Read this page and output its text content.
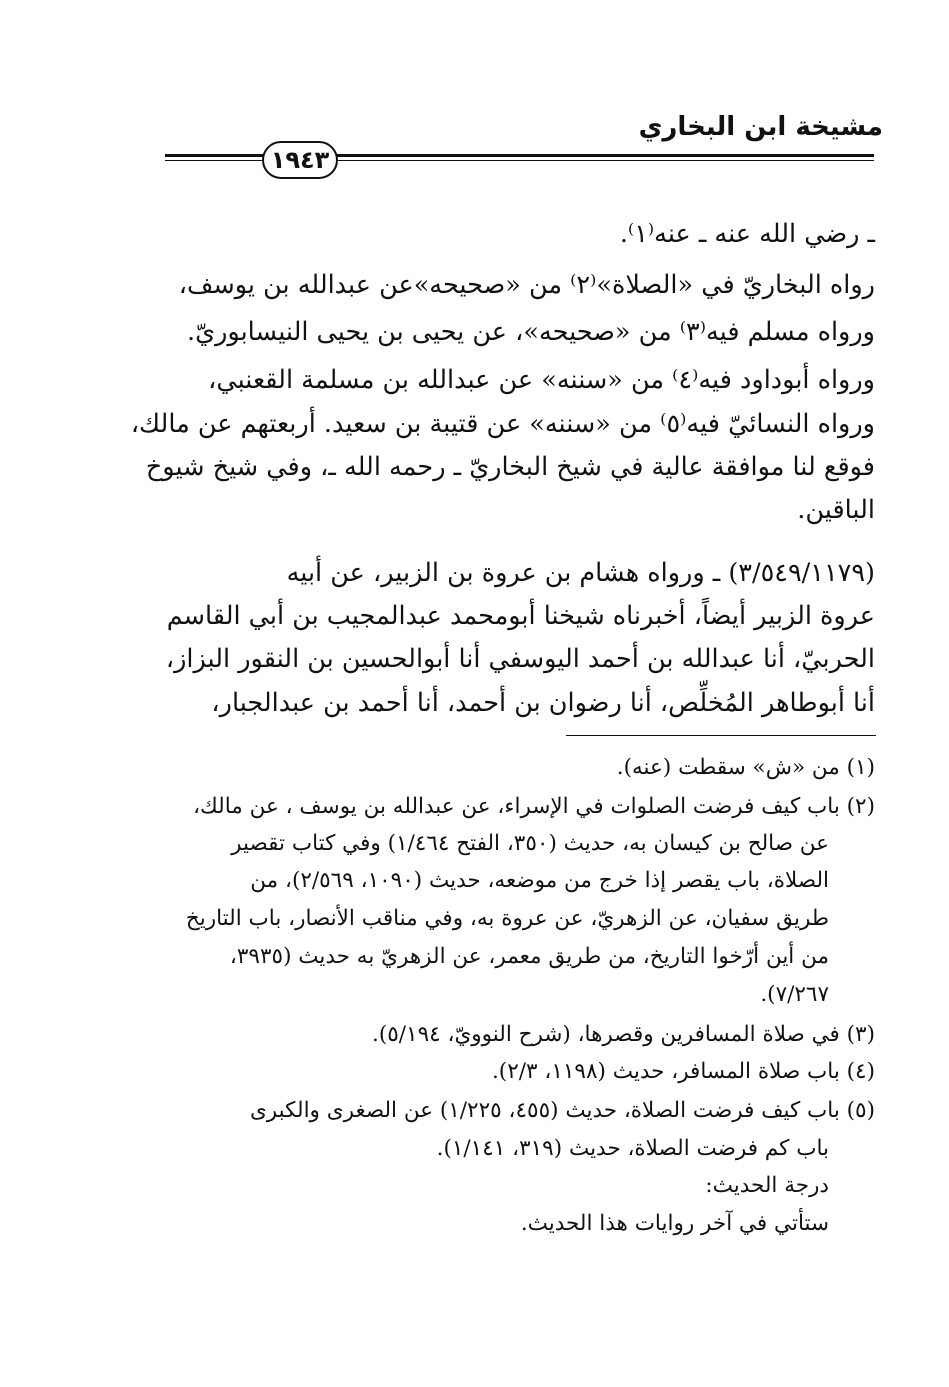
مشيخة ابن البخاري
١٩٤٣
ـ رضي الله عنه ـ عنه⁽١⁾.
رواه البخاريّ في «الصلاة»⁽٢⁾ من «صحيحه»عن عبدالله بن يوسف،
ورواه مسلم فيه⁽٣⁾ من «صحيحه»، عن يحيى بن يحيى النيسابوريّ.
ورواه أبوداود فيه⁽٤⁾ من «سننه» عن عبدالله بن مسلمة القعنبي،
ورواه النسائيّ فيه⁽٥⁾ من «سننه» عن قتيبة بن سعيد. أربعتهم عن مالك،
فوقع لنا موافقة عالية في شيخ البخاريّ ـ رحمه الله ـ، وفي شيخ شيوخ
الباقين.
(٣/٥٤٩/١١٧٩) ـ ورواه هشام بن عروة بن الزبير، عن أبيه
عروة الزبير أيضاً، أخبرناه شيخنا أبومحمد عبدالمجيب بن أبي القاسم
الحربيّ، أنا عبدالله بن أحمد اليوسفي أنا أبوالحسين بن النقور البزاز،
أنا أبوطاهر المُخلِّص، أنا رضوان بن أحمد، أنا أحمد بن عبدالجبار،
(١) من «ش» سقطت (عنه).
(٢) باب كيف فرضت الصلوات في الإسراء، عن عبدالله بن يوسف ، عن مالك،
عن صالح بن كيسان به، حديث (٣٥٠، الفتح ١/٤٦٤) وفي كتاب تقصير
الصلاة، باب يقصر إذا خرج من موضعه، حديث (١٠٩٠، ٢/٥٦٩)، من
طريق سفيان، عن الزهريّ، عن عروة به، وفي مناقب الأنصار، باب التاريخ
من أين أرّخوا التاريخ، من طريق معمر، عن الزهريّ به حديث (٣٩٣٥،
٧/٢٦٧).
(٣) في صلاة المسافرين وقصرها، (شرح النوويّ، ٥/١٩٤).
(٤) باب صلاة المسافر، حديث (١١٩٨، ٢/٣).
(٥) باب كيف فرضت الصلاة، حديث (٤٥٥، ١/٢٢٥) عن الصغرى والكبرى
باب كم فرضت الصلاة، حديث (٣١٩، ١/١٤١).
درجة الحديث:
ستأتي في آخر روايات هذا الحديث.
